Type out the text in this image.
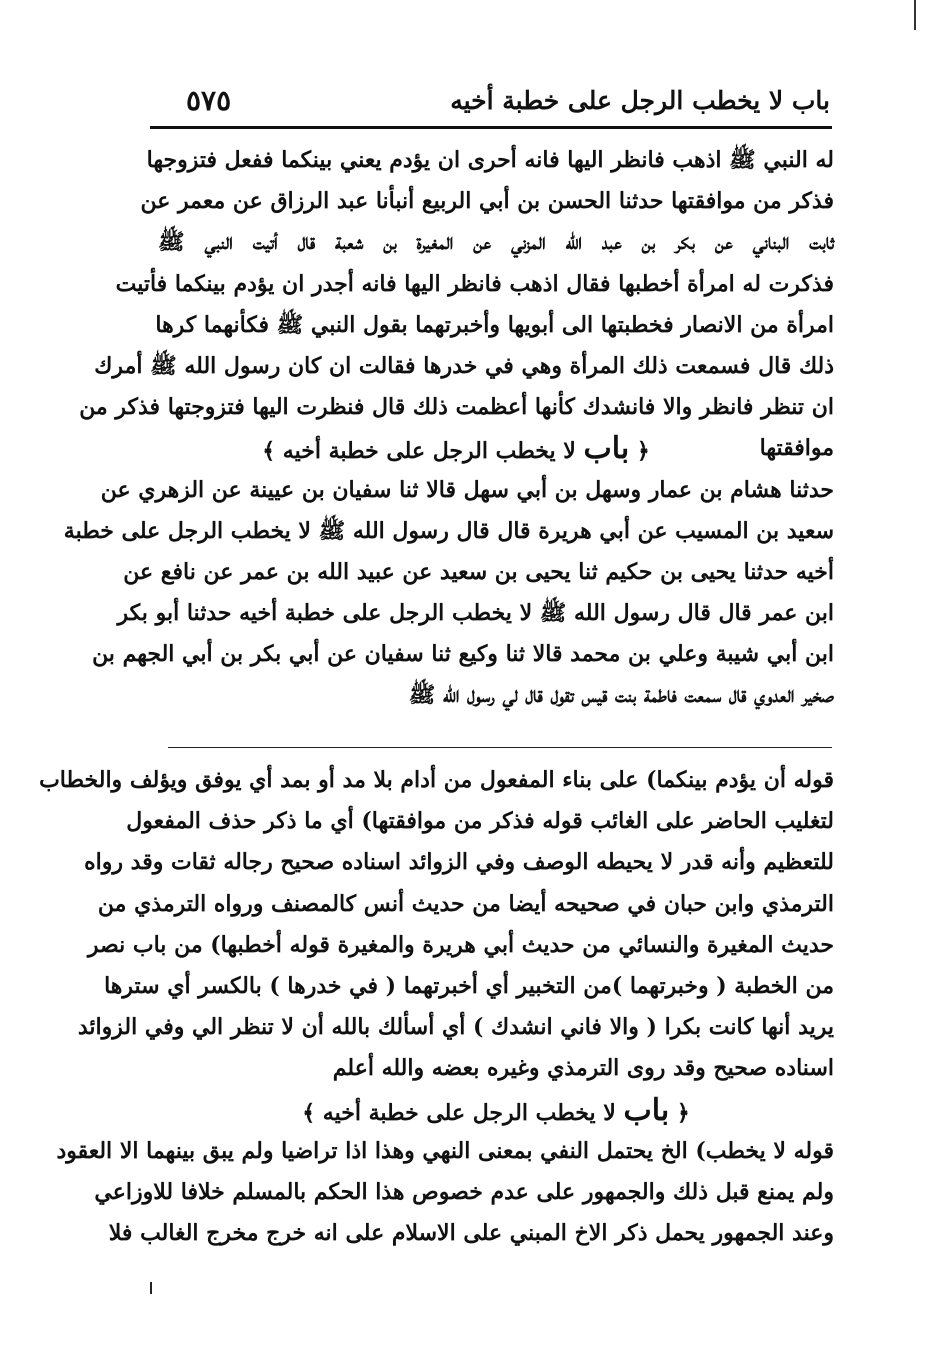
باب لا يخطب الرجل على خطبة أخيه
٥٧٥
له النبي ﷺ اذهب فانظر اليها فانه أحرى ان يؤدم يعني بينكما ففعل فتزوجها
فذكر من موافقتها حدثنا الحسن بن أبي الربيع أنبأنا عبد الرزاق عن معمر عن
ثابت البناني عن بكر بن عبد الله المزني عن المغيرة بن شعبة قال أتيت النبي ﷺ
فذكرت له امرأة أخطبها فقال اذهب فانظر اليها فانه أجدر ان يؤدم بينكما فأتيت
امرأة من الانصار فخطبتها الى أبويها وأخبرتهما بقول النبي ﷺ فكأنهما كرها
ذلك قال فسمعت ذلك المرأة وهي في خدرها فقالت ان كان رسول الله ﷺ أمرك
ان تنظر فانظر والا فانشدك كأنها أعظمت ذلك قال فنظرت اليها فتزوجتها فذكر من
موافقتها
﴿ باب لا يخطب الرجل على خطبة أخيه ﴾
حدثنا هشام بن عمار وسهل بن أبي سهل قالا ثنا سفيان بن عيينة عن الزهري عن
سعيد بن المسيب عن أبي هريرة قال قال رسول الله ﷺ لا يخطب الرجل على خطبة
أخيه حدثنا يحيى بن حكيم ثنا يحيى بن سعيد عن عبيد الله بن عمر عن نافع عن
ابن عمر قال قال رسول الله ﷺ لا يخطب الرجل على خطبة أخيه حدثنا أبو بكر
ابن أبي شيبة وعلي بن محمد قالا ثنا وكيع ثنا سفيان عن أبي بكر بن أبي الجهم بن
صخير العدوي قال سمعت فاطمة بنت قيس تقول قال لي رسول الله ﷺ
قوله أن يؤدم بينكما) على بناء المفعول من أدام بلا مد أو بمد أي يوفق ويؤلف والخطاب
لتغليب الحاضر على الغائب قوله فذكر من موافقتها) أي ما ذكر حذف المفعول
للتعظيم وأنه قدر لا يحيطه الوصف وفي الزوائد اسناده صحيح رجاله ثقات وقد رواه
الترمذي وابن حبان في صحيحه أيضا من حديث أنس كالمصنف ورواه الترمذي من
حديث المغيرة والنسائي من حديث أبي هريرة والمغيرة قوله أخطبها) من باب نصر
من الخطبة ( وخبرتهما )من التخبير أي أخبرتهما ( في خدرها ) بالكسر أي سترها
يريد أنها كانت بكرا ( والا فاني انشدك ) أي أسألك بالله أن لا تنظر الي وفي الزوائد
اسناده صحيح وقد روى الترمذي وغيره بعضه والله أعلم
﴿ باب لا يخطب الرجل على خطبة أخيه ﴾
قوله لا يخطب) الخ يحتمل النفي بمعنى النهي وهذا اذا تراضيا ولم يبق بينهما الا العقود
ولم يمنع قبل ذلك والجمهور على عدم خصوص هذا الحكم بالمسلم خلافا للاوزاعي
وعند الجمهور يحمل ذكر الاخ المبني على الاسلام على انه خرج مخرج الغالب فلا
